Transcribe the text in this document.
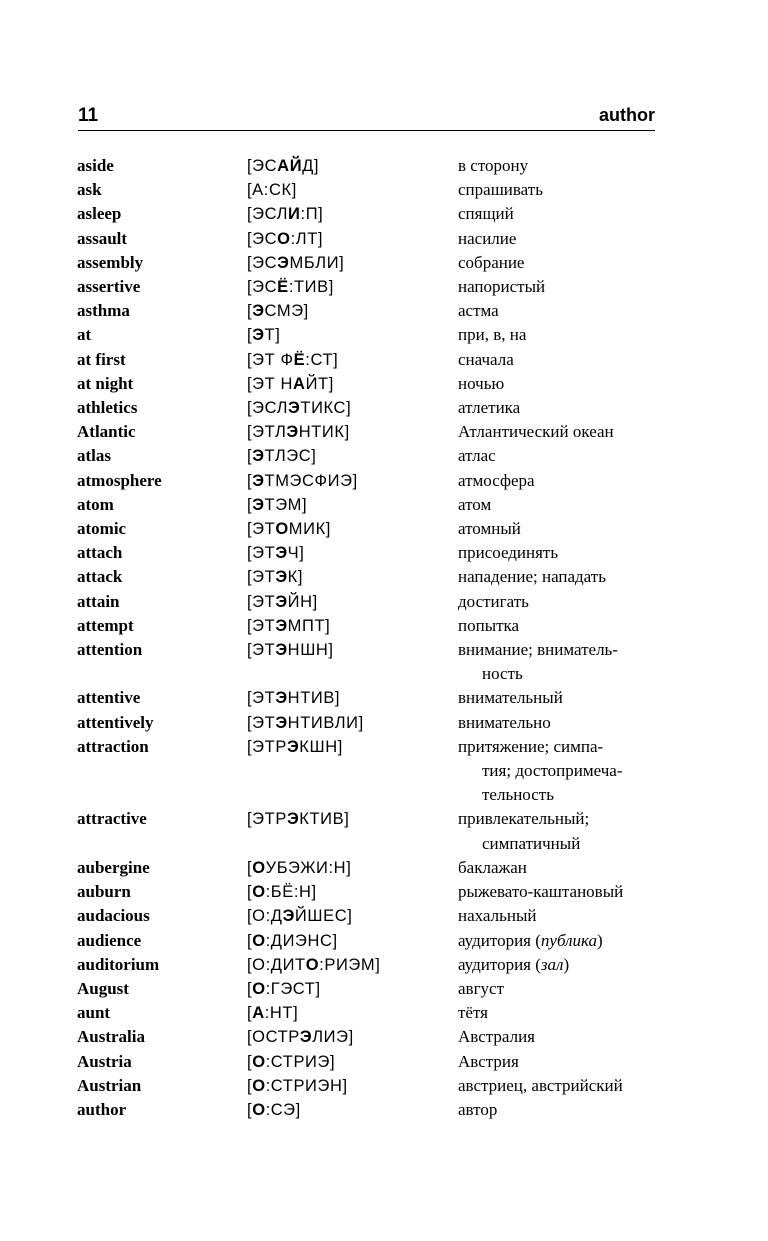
11	author
aside	[ЭСАЙД]	в сторону
ask	[А:СК]	спрашивать
asleep	[ЭСЛИ:П]	спящий
assault	[ЭСО:ЛТ]	насилие
assembly	[ЭСЭМБЛИ]	собрание
assertive	[ЭСЁ:ТИВ]	напористый
asthma	[ЭСМЭ]	астма
at	[ЭТ]	при, в, на
at first	[ЭТ ФЁ:СТ]	сначала
at night	[ЭТ НАЙТ]	ночью
athletics	[ЭСЛЭТИКС]	атлетика
Atlantic	[ЭТЛЭНТИК]	Атлантический океан
atlas	[ЭТЛЭС]	атлас
atmosphere	[ЭТМЭСФИЭ]	атмосфера
atom	[ЭТЭМ]	атом
atomic	[ЭТОМИК]	атомный
attach	[ЭТЭЧ]	присоединять
attack	[ЭТЭК]	нападение; нападать
attain	[ЭТЭЙН]	достигать
attempt	[ЭТЭМПТ]	попытка
attention	[ЭТЭНШН]	внимание; вниматель-
ность
attentive	[ЭТЭНТИВ]	внимательный
attentively	[ЭТЭНТИВЛИ]	внимательно
attraction	[ЭТРЭКШН]	притяжение; симпа-
тия; достопримеча-
тельность
attractive	[ЭТРЭКТИВ]	привлекательный;
симпатичный
aubergine	[ОУБЭЖИ:Н]	баклажан
auburn	[О:БЁ:Н]	рыжевато-каштановый
audacious	[О:ДЭЙШЕС]	нахальный
audience	[О:ДИЭНС]	аудитория (публика)
auditorium	[О:ДИТО:РИЭМ]	аудитория (зал)
August	[О:ГЭСТ]	август
aunt	[А:НТ]	тётя
Australia	[ОСТРЭЛИЭ]	Австралия
Austria	[О:СТРИЭ]	Австрия
Austrian	[О:СТРИЭН]	австриец, австрийский
author	[О:СЭ]	автор
